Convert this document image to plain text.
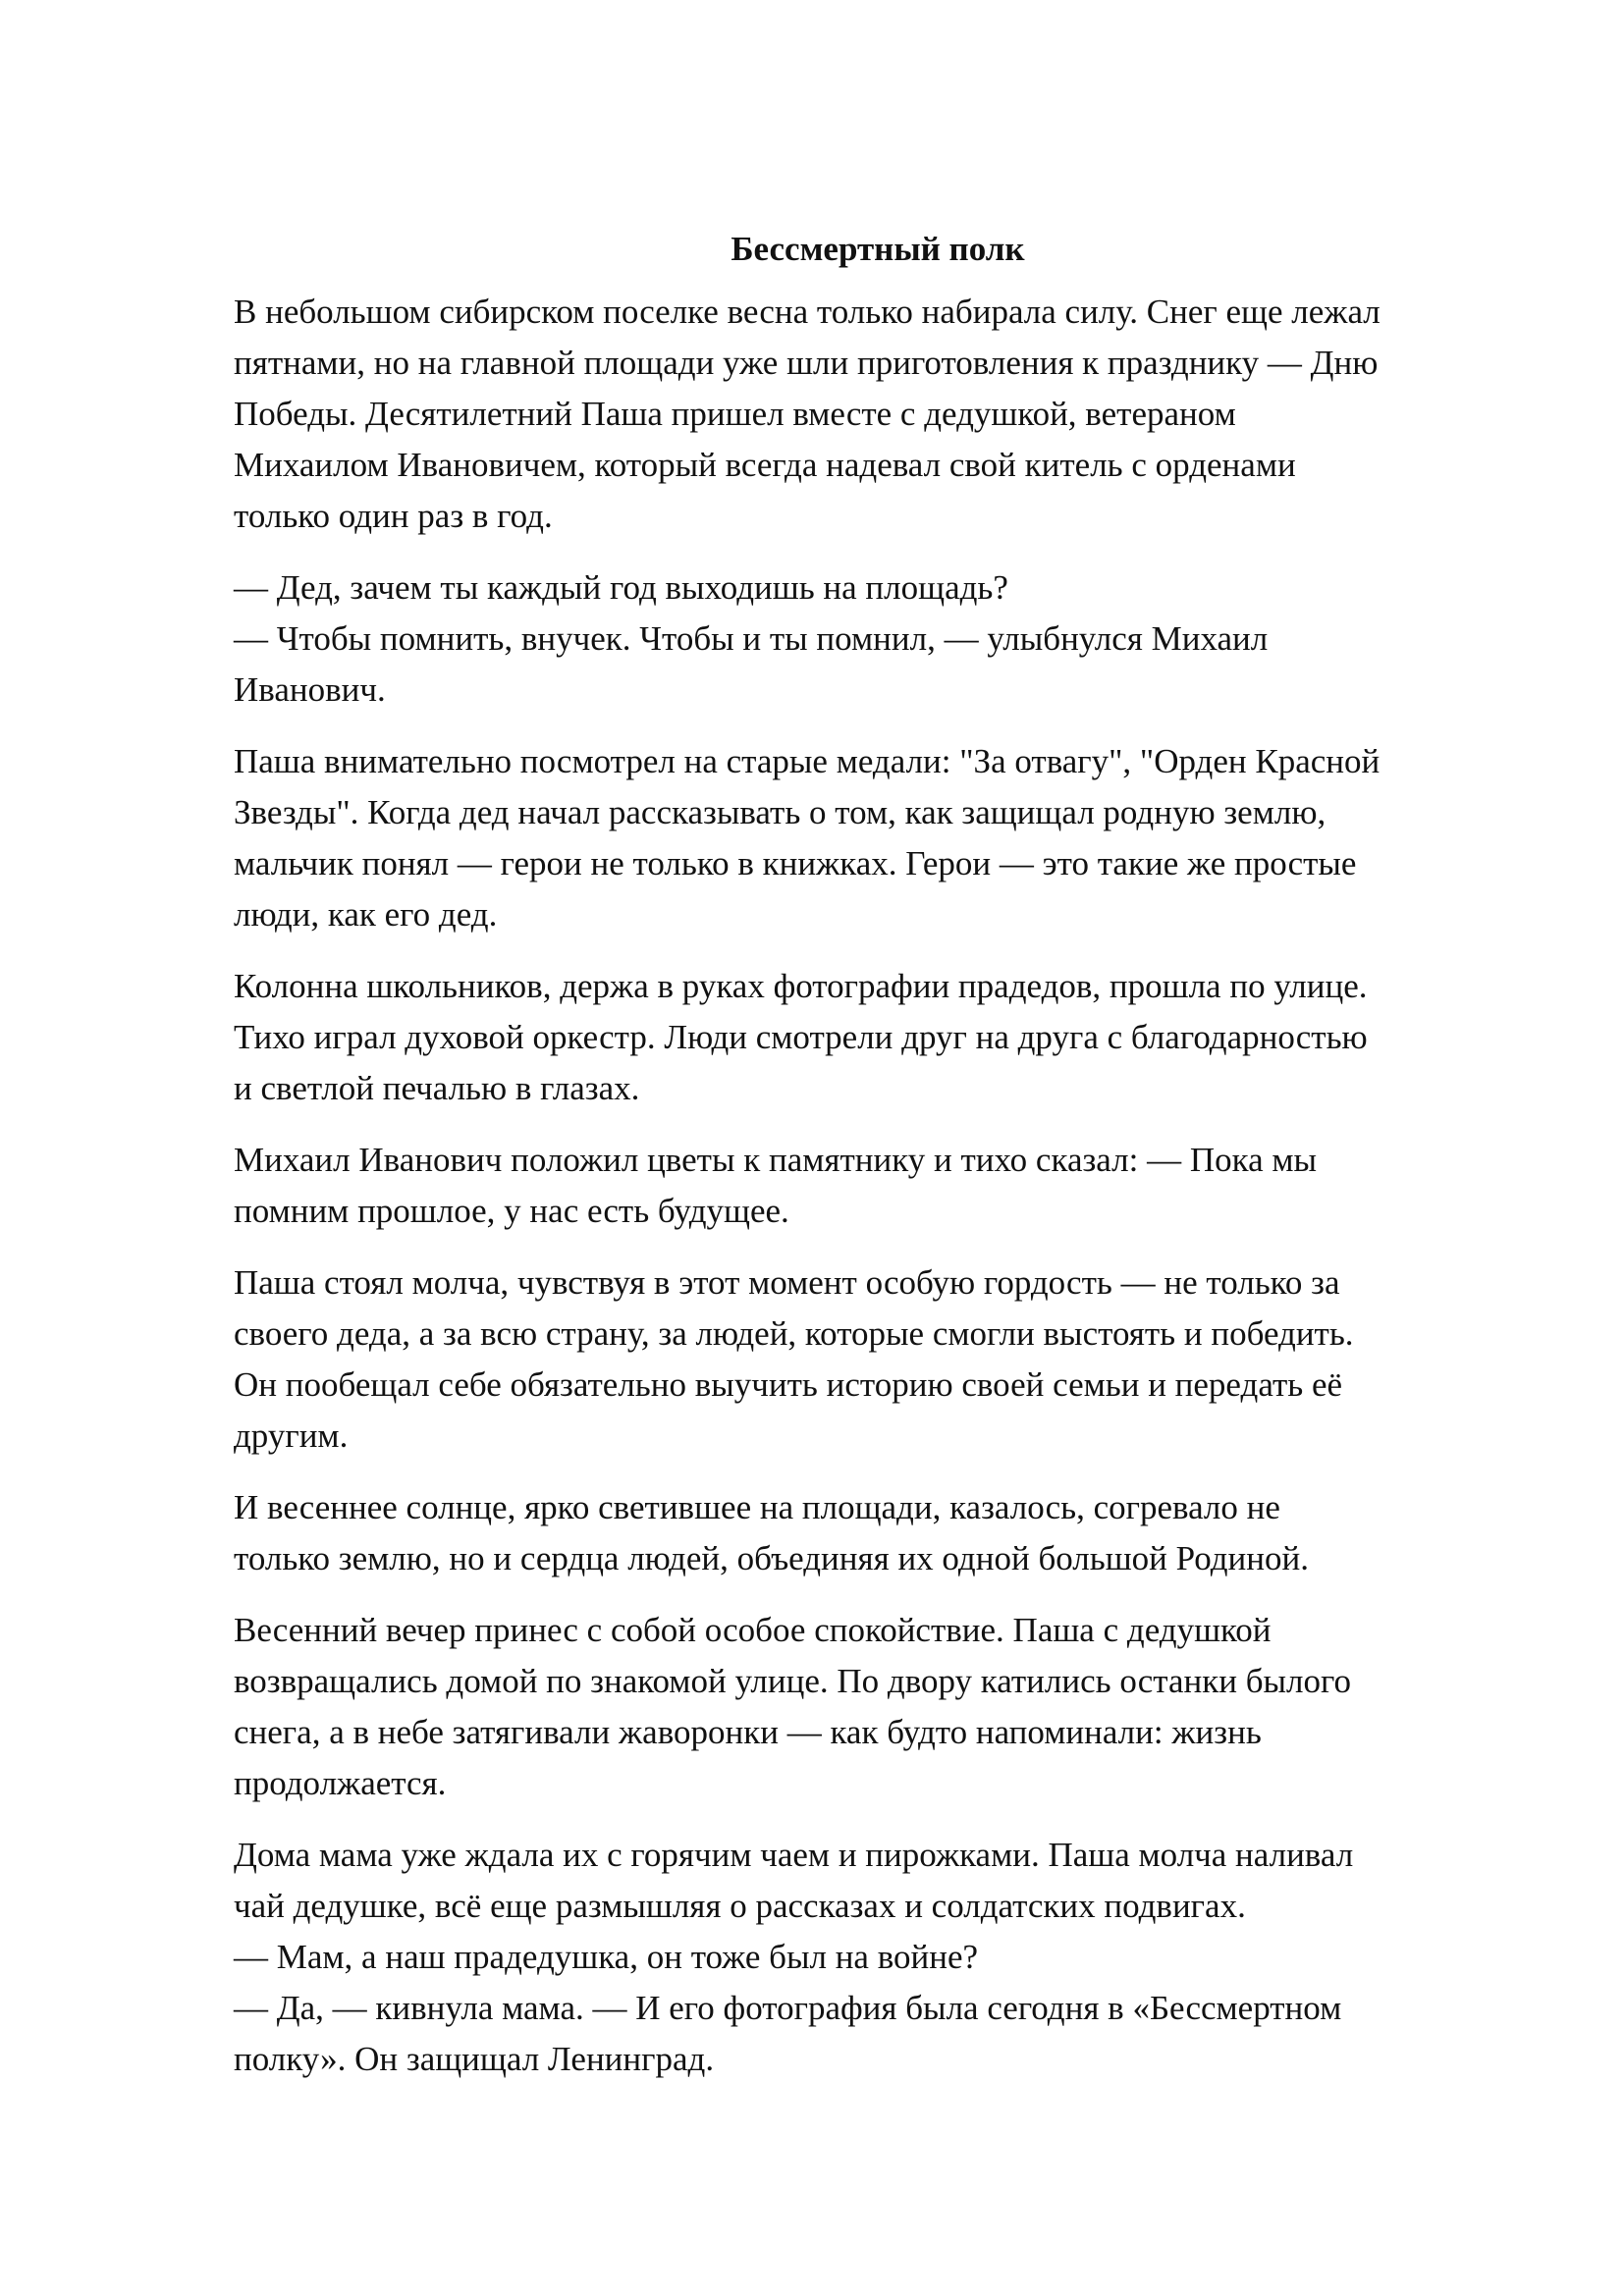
Бессмертный полк
В небольшом сибирском поселке весна только набирала силу. Снег еще лежал
пятнами, но на главной площади уже шли приготовления к празднику — Дню
Победы. Десятилетний Паша пришел вместе с дедушкой, ветераном
Михаилом Ивановичем, который всегда надевал свой китель с орденами
только один раз в год.
— Дед, зачем ты каждый год выходишь на площадь?
— Чтобы помнить, внучек. Чтобы и ты помнил, — улыбнулся Михаил
Иванович.
Паша внимательно посмотрел на старые медали: "За отвагу", "Орден Красной
Звезды". Когда дед начал рассказывать о том, как защищал родную землю,
мальчик понял — герои не только в книжках. Герои — это такие же простые
люди, как его дед.
Колонна школьников, держа в руках фотографии прадедов, прошла по улице.
Тихо играл духовой оркестр. Люди смотрели друг на друга с благодарностью
и светлой печалью в глазах.
Михаил Иванович положил цветы к памятнику и тихо сказал: — Пока мы
помним прошлое, у нас есть будущее.
Паша стоял молча, чувствуя в этот момент особую гордость — не только за
своего деда, а за всю страну, за людей, которые смогли выстоять и победить.
Он пообещал себе обязательно выучить историю своей семьи и передать её
другим.
И весеннее солнце, ярко светившее на площади, казалось, согревало не
только землю, но и сердца людей, объединяя их одной большой Родиной.
Весенний вечер принес с собой особое спокойствие. Паша с дедушкой
возвращались домой по знакомой улице. По двору катились останки былого
снега, а в небе затягивали жаворонки — как будто напоминали: жизнь
продолжается.
Дома мама уже ждала их с горячим чаем и пирожками. Паша молча наливал
чай дедушке, всё еще размышляя о рассказах и солдатских подвигах.
— Мам, а наш прадедушка, он тоже был на войне?
— Да, — кивнула мама. — И его фотография была сегодня в «Бессмертном
полку». Он защищал Ленинград.
